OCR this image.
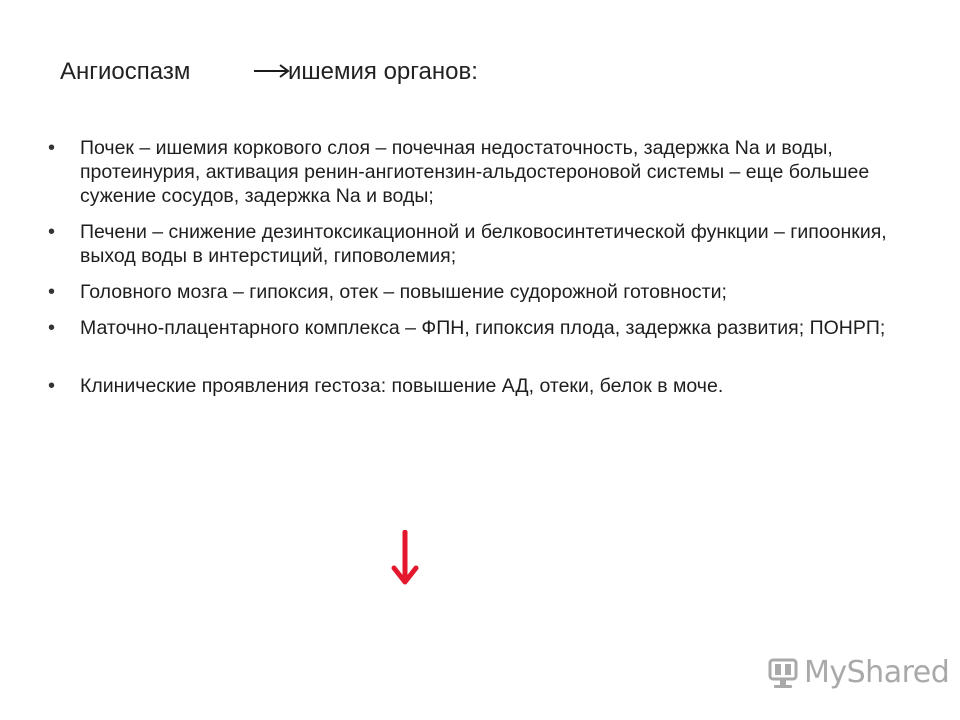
Ангиоспазм	ишемия органов:
• Почек – ишемия коркового слоя – почечная недостаточность, задержка Na и воды, протеинурия, активация ренин-ангиотензин-альдостероновой системы – еще большее сужение сосудов, задержка Na и воды;
• Печени – снижение дезинтоксикационной и белковосинтетической функции – гипоонкия, выход воды в интерстиций, гиповолемия;
• Головного мозга – гипоксия, отек – повышение судорожной готовности;
• Маточно-плацентарного комплекса – ФПН, гипоксия плода, задержка развития; ПОНРП;
• Клинические проявления гестоза: повышение АД, отеки, белок в моче.
MyShared
